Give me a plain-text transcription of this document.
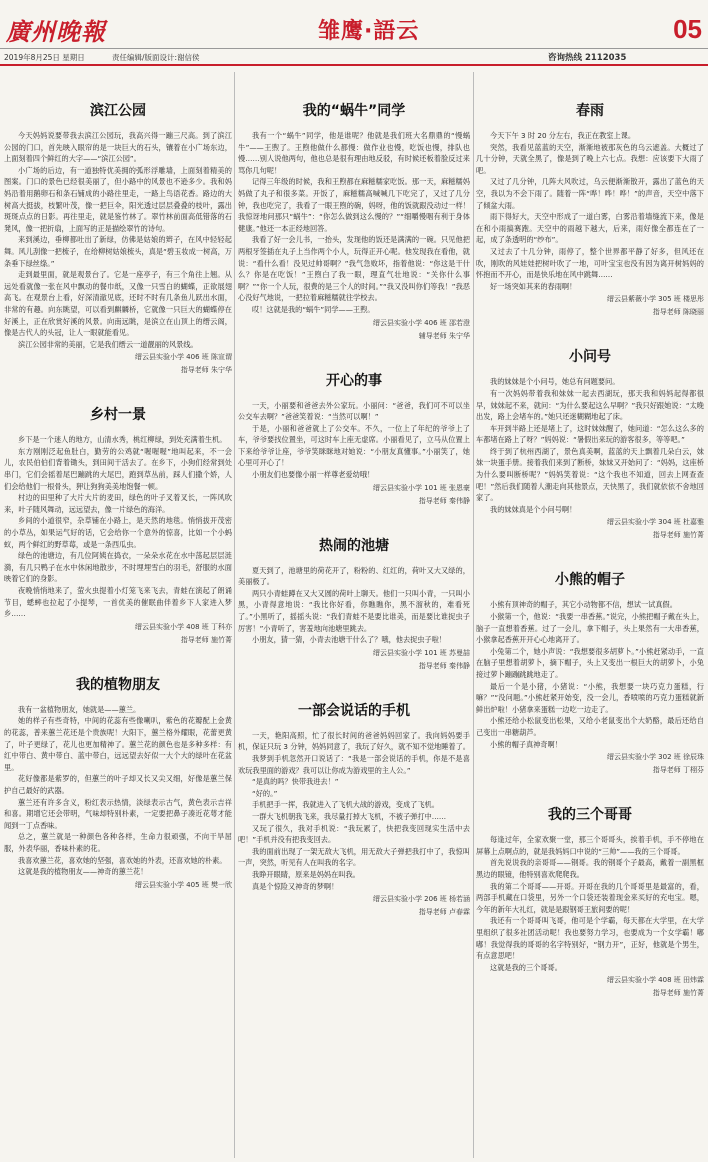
廣州晚報	雏鹰·語云	05
2019年8月25日 星期日	责任编辑/版面设计:谢信侯	咨询热线 2112035
滨江公园

今天妈妈说要带我去滨江公园玩，我高兴得一蹦三尺高。到了滨江公园的门口，首先映入眼帘的是一块巨大的石头，镶着在小广场东边，上面刻着四个鲜红的大字——“滨江公园”。

小广场的后边，有一道独特优美拥的弧形浮雕墙，上面刻着精美的图案。门口的景色已经很美丽了，但小路中的风景也不逊多少。我和妈妈沿着用鹅卵石和条石铺成的小路往里走，一路上鸟语花香。路边的大树高大挺拔，枝繁叶茂，像一把巨伞，阳光透过层层叠叠的枝叶，露出斑斑点点的日影。再往里走，就是鉴竹林了。翠竹林前面高低错落的石凳风，像一把折扇，上面写的正是描绘翠竹的诗句。

来到溪边，垂柳都吐出了新绿，仿佛是姑娘的辫子，在风中轻轻起舞。风儿刮像一把梳子，在给柳树姑娘梳头，真是“碧玉妆成一树高，万条垂下绿丝绦。”

走到最里面，就是观景台了。它是一座亭子，有三个角往上翘。从远处看就像一张在风中飘动的餐巾纸，又像一只雪白的蝴蝶，正欲展翅高飞。在观景台上看，好深清澈见底，还时不时有几条鱼儿跃出水面，非常的有趣。向东眺望，可以看到麒麟桥，它就像一只巨大的蝴蝶停在好溪上，正在欣赏好溪的风景。向南远眺，是滨立在山顶上的缙云阁，像是古代人的头冠，让人一眼就能看见。

滨江公园非常的美丽，它是我们缙云一道靓丽的风景线。

缙云县实验小学 406 班 陈宣谓
指导老师 朱宁华
乡村一景

乡下是一个迷人的地方，山清水秀，桃红柳绿，到处充满着生机。

东方刚刚泛起鱼肚白，勤劳的公鸡就“喔喔喔”地叫起来，不一会儿，农民伯伯们背着锄头，到田间干活去了。在乡下，小狗们经常到处串门，它们会摇着尾巴蹦跳的大尾巴，跑到草丛前，踩人们撒个娇，人们会给他们一根骨头，狎让狗狗美美地饱餐一顿。

村边的田里种了大片大片的麦田，绿色的叶子叉着叉长，一阵风吹来，叶子随风舞动，远远望去，像一片绿色的海洋。

乡间的小道很窄，杂草铺在小路上，是天然的地毯。悄悄拔开茂密的小草丛，如果运气好的话，它会给你一个意外的惊喜，比如一个小蚂蚁，两个鲜红的野草莓，或是一条西瓜虫。

绿色的池塘边，有几位阿姨在捣衣，一朵朵水花在水中荡起层层涟漪，有几只鸭子在水中休闲地散步，不时埋埋雪白的羽毛，舒服的水面映着它们的身影。

夜晚悄悄地来了，萤火虫提着小灯笼飞来飞去，青蛙在演起了朗诵节目，蟋蟀也拉起了小提琴，一首优美的催眠曲伴着乡下人家进入梦乡……

缙云县实验小学 408 班 丁科亦
指导老师 施竹菁
我的植物朋友

我有一盆植物朋友，她就是——蕙兰。

她的样子有些奇特，中间的花蕊有些像喇叭，紫色的花瓣配上金黄的花蕊，普来蕙兰花还是个贵族呢！大阳下，蕙兰格外耀眼，花蕾更黄了，叶子更绿了，花儿也更加精神了。蕙兰花的颜色也是多种多样：有红中带白、黄中带白、蓝中带白，远远望去好似一大个大的绿叶在花盆里。

花好像都是紫罗的，但蕙兰的叶子却又长又尖又细，好像是蕙兰保护自己最好的武器。

蕙兰还有许多含义，粉红表示热情，淡绿表示古气，黄色表示吉祥和喜。期增它还会带明，气味却特别朴素，一定要把鼻子凑近花萼才能闻到一丁点香味。

总之，蕙兰就是一种颜色各种各样，生命力很顽强，不向干旱屈服，外表华丽，香味朴素的花。

我喜欢蕙兰花，喜欢她的坚强，喜欢她的外表，还喜欢她的朴素。

这就是我的植物朋友——神奇的蕙兰花！

缙云县实验小学 405 班 樊一欣
我的“蜗牛”同学

我有一个“蜗牛”同学，他是谁呢？他就是我们班大名鼎鼎的“慢蜗牛”——王煦了。王煦他做什么都慢：做作业也慢，吃饭也慢，排队也慢……别人说他两句，他也总是很有理由地反驳，有时候还板着脸反过来骂你几句呢！

记得三年级的时候，我和王煦都在麻糍糯家吃饭。那一天，麻糍糯妈妈做了丸子和很多菜。开饭了，麻糍糯高喊喊几下吃完了，又过了几分钟，我也吃完了，我看了一眼王煦的碗，妈呀，他的饭就跟没动过一样！我惊讶地问那只“蜗牛”：“你怎么做到这么慢的？”“细嚼慢咽有利于身体健康。”他还一本正经地回答。

我看了好一会儿书，一抬头，发现他的饭还是满满的一碗。只见他把两根牙签插在丸子上当作两个小人，玩得正开心呢。他发现我在看他，就说：“看什么看！没见过帅哥啊？”我气急败坏，指着他说：“你这是干什么？你是在吃饭！”王煦白了我一眼，理直气壮地说：“关你什么事啊？”“你一个人玩，很费的是三个人的时间。”“我又没叫你们等我！”我恶心没好气地说，一把拉着麻糍糯就往学校去。

哎！这就是我的“蜗牛”同学——王煦。

缙云县实验小学 406 班 邵若澄
辅导老师 朱宁华
开心的事

一天，小丽要和爸爸去外公家玩。小丽问：“爸爸，我们可不可以坐公交车去啊？”爸爸笑着说：“当然可以啊！”

于是，小丽和爸爸就上了公交车。不久，一位上了年纪的爷爷上了车，爷爷要找位置坐，可这时车上座无虚席。小丽看见了，立马从位置上下来给爷爷让座，爷爷笑眯眯地对她说：“小朋友真懂事。”小丽笑了，她心里可开心了！

小朋友们也要像小丽一样尊老爱幼哦！

缙云县实验小学 101 班 张恩豪
指导老师 秦伟静
热闹的池塘

夏天到了，池塘里的荷花开了，粉粉的、红红的，荷叶又大又绿的，美丽极了。

两只小青蛙蹲在又大又圆的荷叶上聊天。他们一只叫小青，一只叫小黑，小青得意地说：“我比你好看，你瞧瞧你，黑不溜秋的，难看死了。”小黑听了，摇摇头说：“我们青蛙不是要比谁美，而是要比谁捉虫子厉害！”小青听了，害羞地向池塘里跳去。

小朋友，猜一猜，小青去池塘干什么了？哦，他去捉虫子啦！

缙云县实验小学 101 班 苏曼喆
指导老师 秦伟静
一部会说话的手机

一天，艳阳高照，忙了很长时间的爸爸妈妈回家了。我向妈妈要手机，保证只玩 3 分钟，妈妈同意了，我玩了好久，就不知不觉地睡着了。

我梦到手机忽然开口说话了：“我是一部会说话的手机，你是不是喜欢玩我里面的游戏？我可以让你成为游戏里的主人公。”

“是真的吗？快带我进去！”

“好的。”

手机把手一挥，我就进入了飞机大战的游戏，变成了飞机。

一群大飞机朝我飞来，我尽量打掉大飞机，不被子弹打中……

又玩了很久，我对手机说：“我玩累了，快把我变回现实生活中去吧！”手机并没有把我变回去。

我的面前出现了一架无敌大飞机，用无敌大子弹把我打中了，我惊叫一声，突然，听见有人在叫我的名字。

我睁开眼睛，原来是妈妈在叫我。

真是个惊险又神奇的梦啊！

缙云县实验小学 206 班 杨若涵
指导老师 卢春霖
春雨

今天下午 3 时 20 分左右，我正在教室上课。

突然，我看见蓝蓝的天空，渐渐地被那灰色的乌云遮盖。大概过了几十分钟，天就全黑了，像是到了晚上六七点。我想：应该要下大雨了吧。

又过了几分钟，几阵大风吹过，乌云便渐渐散开，露出了蓝色的天空，我以为不会下雨了。随着一阵“哗！哗！哗！”的声音，天空中落下了倾盆大雨。

雨下得好大，天空中形成了一道白雾，白雾沿着墙缝流下来，像是在和小雨搞赛跑。天空中的雨越下越大，后来，雨好像全都连在了一起，成了条透明的“纱布”。

又过去了十几分钟，雨停了，整个世界都平静了好多，但风还在吹，刚吹的风娃娃把树叶吹了一地，可叶宝宝也没有因为离开树妈妈的怀抱而不开心，而是快乐地在风中跳舞……

好一场突如其来的春雨啊！

缙云县紫薇小学 305 班 楼思彤
指导老师 陈晓丽
小问号

我的妹妹是个小问号，她总有问题要问。

有一次妈妈带着我和妹妹一起去西湖玩，那天我和妈妈起得都很早，妹妹起不来，就问：“为什么要起这么早啊？”我只好跟她说：“太晚出发，路上会堵车的。”她只还迷糊糊地起了床。

车开到半路上还是堵上了，这时妹妹醒了，她问道：“怎么这么多的车都堵在路上了呀？”妈妈说：“暑假出来玩的游客很多，等等吧。”

终于到了杭州西湖了，景色真美啊，蓝蓝的天上飘着几朵白云，妹妹一块蛋手册。接着我们来到了断桥，妹妹又开始问了：“妈妈，这座桥为什么要叫断桥呢？”妈妈笑着说：“这个我也不知道，回去上网查查吧！”然后我们随着人潮走向其他景点，天快黑了，我们就依依不舍地回家了。

我的妹妹真是个小问号啊！

缙云县实验小学 304 班 杜嘉雅
指导老师 施竹菁
小熊的帽子

小熊有顶神奇的帽子，其它小动物都不信，想试一试真假。

小猴第一个，他说：“我要一串香蕉。”说完，小熊把帽子戴在头上，脑子一直想着香蕉。过了一会儿，拿下帽子，头上果然有一大串香蕉，小猴拿起香蕉开开心心地离开了。

小兔第二个，她小声说：“我想要很多胡萝卜。”小熊赶紧动手，一直在脑子里想着胡萝卜，摘下帽子，头上又变出一根巨大的胡萝卜，小兔接过萝卜蹦蹦跳跳地走了。

最后一个是小猪，小猪说：“小熊，我想要一块巧克力蛋糕，行嘛？”“没问题。”小熊赶紧开始变，没一会儿，香喷喷的巧克力蛋糕就新鲜出炉啦！小猪拿来蛋糕一边吃一边走了。

小熊还给小松鼠变出松果，又给小老鼠变出个大奶酪，最后还给自己变出一串糖葫芦。

小熊的帽子真神奇啊！

缙云县实验小学 302 班 徐辰珠
指导老师 丁栩芬
我的三个哥哥

每逢过年，全家欢聚一堂，那三个哥哥头，挨着手机，手不停地在屏幕上点啊点的，就是我妈妈口中说的“三帅”——我的三个哥哥。

首先说说我的亲哥哥——钢哥。我的钢哥个子最高，戴着一副黑框黑边的眼镜，他特别喜欢爬爬我。

我的第二个哥哥——开哥。开哥在我的几个哥哥里是最富的，看，两部手机藏在口袋里，另外一个口袋还装着现金来买好的充电宝。嗯，今年的新年大礼红，就是是跟钢哥王旅间要的呢！

我还有一个哥哥叫飞哥，他可是个学霸，每天都在大学里，在大学里组织了很多社团活动呢！我也要努力学习，也要成为一个女学霸！嘟嘟！我觉得我的哥哥的名字特别好，“钢力开”，正好，他就是个男生，有点意思吧！

这就是我的三个哥哥。

缙云县实验小学 408 班 田炜霖
指导老师 施竹菁
